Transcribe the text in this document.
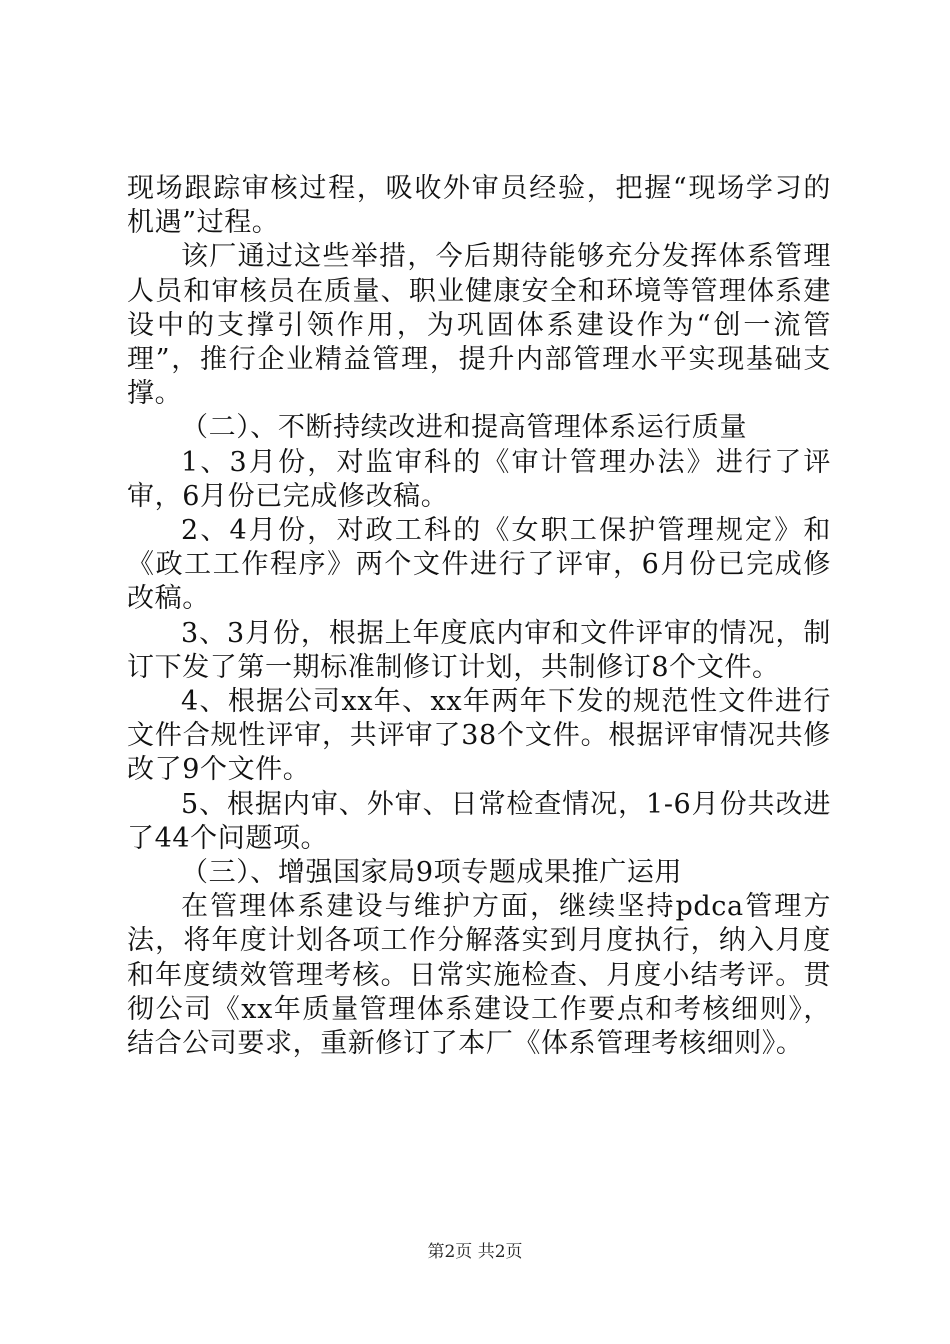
现场跟踪审核过程，吸收外审员经验，把握“现场学习的机遇”过程。

该厂通过这些举措，今后期待能够充分发挥体系管理人员和审核员在质量、职业健康安全和环境等管理体系建设中的支撑引领作用，为巩固体系建设作为“创一流管理”，推行企业精益管理，提升内部管理水平实现基础支撑。

（二）、不断持续改进和提高管理体系运行质量

1、3月份，对监审科的《审计管理办法》进行了评审，6月份已完成修改稿。

2、4月份，对政工科的《女职工保护管理规定》和《政工工作程序》两个文件进行了评审，6月份已完成修改稿。

3、3月份，根据上年度底内审和文件评审的情况，制订下发了第一期标准制修订计划，共制修订8个文件。

4、根据公司xx年、xx年两年下发的规范性文件进行文件合规性评审，共评审了38个文件。根据评审情况共修改了9个文件。

5、根据内审、外审、日常检查情况，1-6月份共改进了44个问题项。

（三）、增强国家局9项专题成果推广运用

在管理体系建设与维护方面，继续坚持pdca管理方法，将年度计划各项工作分解落实到月度执行，纳入月度和年度绩效管理考核。日常实施检查、月度小结考评。贯彻公司《xx年质量管理体系建设工作要点和考核细则》，结合公司要求，重新修订了本厂《体系管理考核细则》。

第2页 共2页
